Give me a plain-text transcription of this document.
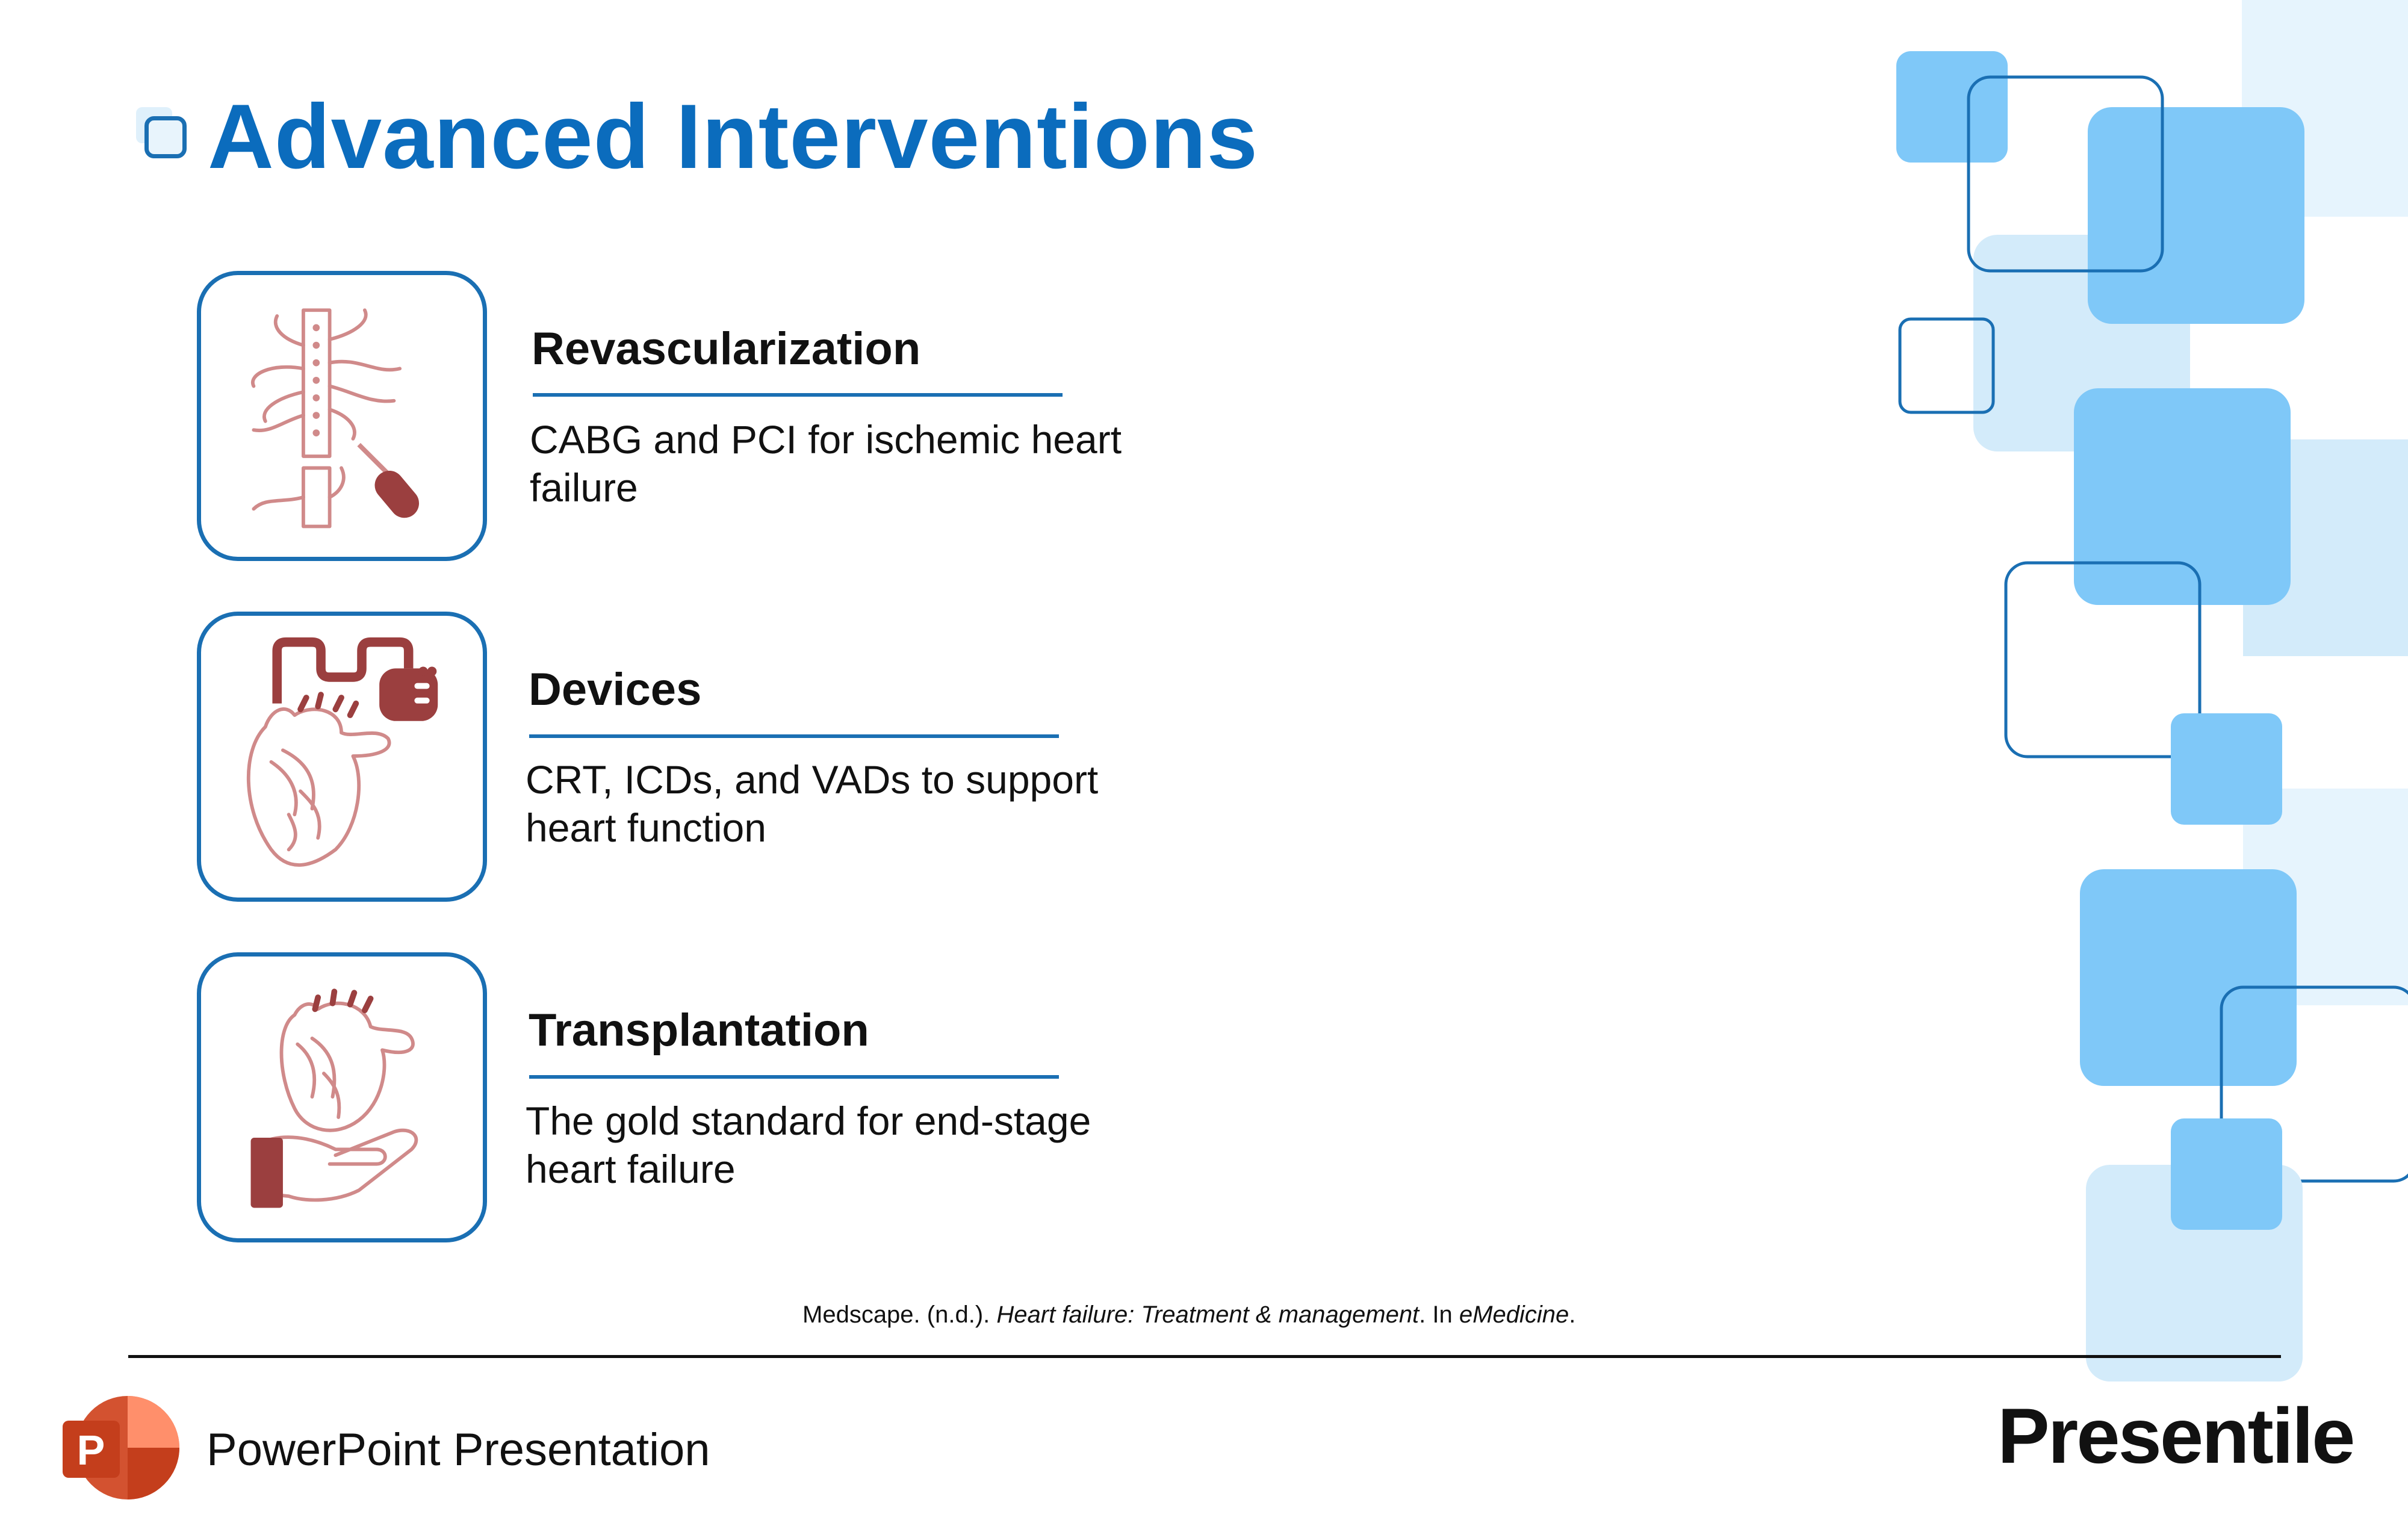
Advanced Interventions
Revascularization
CABG and PCI for ischemic heart failure
Devices
CRT, ICDs, and VADs to support heart function
Transplantation
The gold standard for end-stage heart failure
Medscape. (n.d.). Heart failure: Treatment & management. In eMedicine.
P PowerPoint Presentation	Presentile
